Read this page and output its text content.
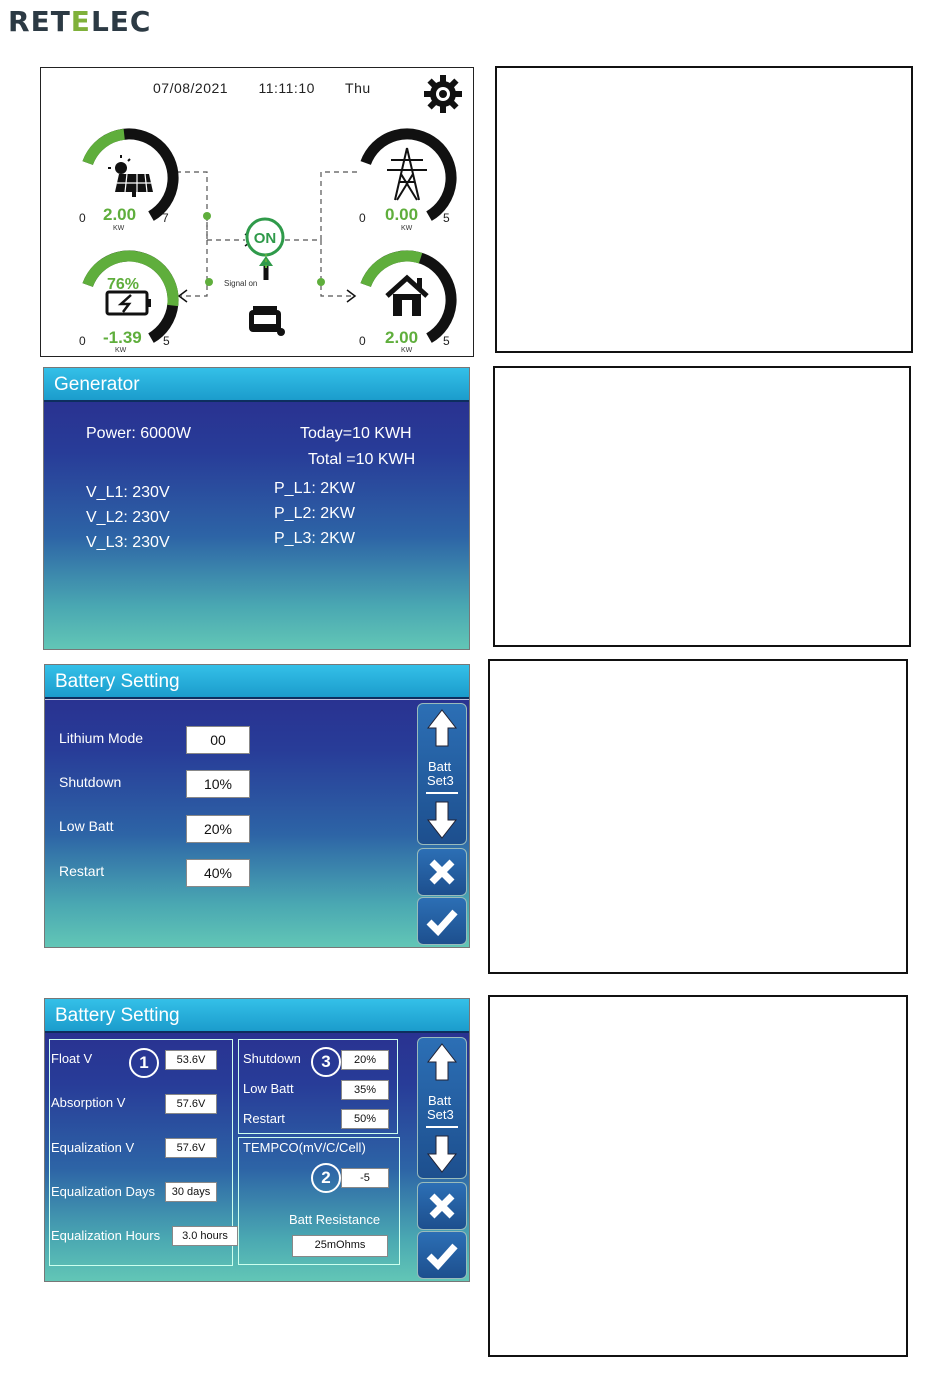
R ET E LEC
07/08/2021 11:11:10 Thu
ON
Signal on
0 2.00
KW
7	0 0.00
KW
5
76%
0 -1.39
KW
5	0 2.00
KW
5
Generator
Power: 6000W	Today=10 KWH
Total =10 KWH
V_L1: 230V
V_L2: 230V
V_L3: 230V
P_L1: 2KW
P_L2: 2KW
P_L3: 2KW
Battery Setting
Lithium Mode	00
Shutdown	10%
Low Batt	20%
Restart	40%
Batt
Set3
Battery Setting
1	3
2
Float V	53.6V
Absorption V	57.6V
Equalization V	57.6V
Equalization Days	30 days
Equalization Hours	3.0 hours
Shutdown	20%
Low Batt	35%
Restart	50%
TEMPCO(mV/C/Cell)
-5
Batt Resistance
25mOhms
Batt
Set3
